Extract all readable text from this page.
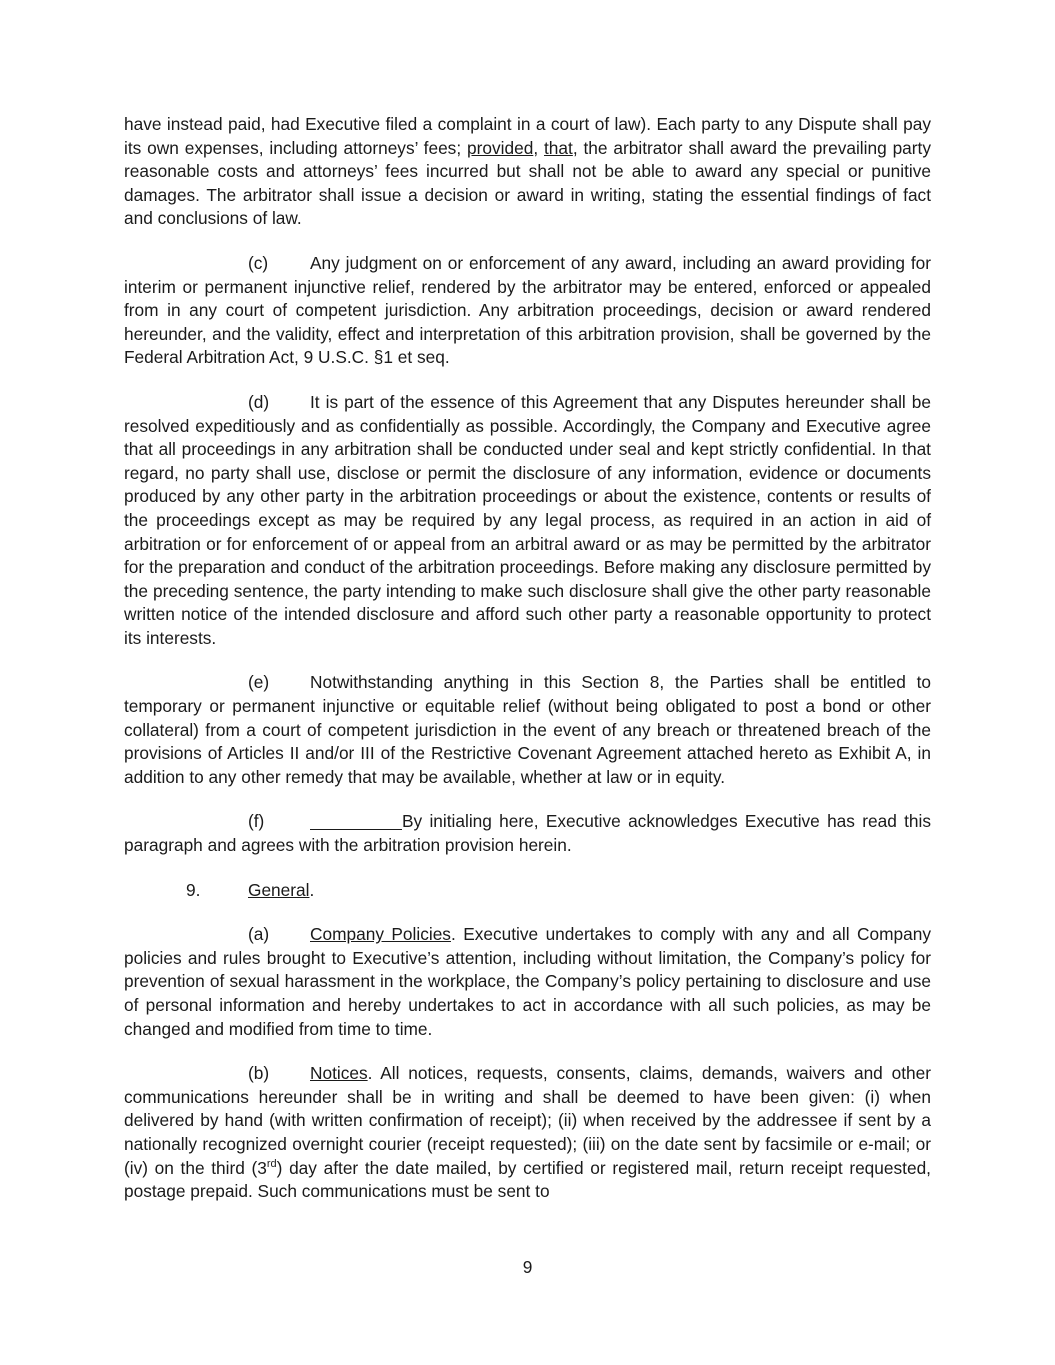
have instead paid, had Executive filed a complaint in a court of law). Each party to any Dispute shall pay its own expenses, including attorneys’ fees; provided, that, the arbitrator shall award the prevailing party reasonable costs and attorneys’ fees incurred but shall not be able to award any special or punitive damages. The arbitrator shall issue a decision or award in writing, stating the essential findings of fact and conclusions of law.

(c) Any judgment on or enforcement of any award, including an award providing for interim or permanent injunctive relief, rendered by the arbitrator may be entered, enforced or appealed from in any court of competent jurisdiction. Any arbitration proceedings, decision or award rendered hereunder, and the validity, effect and interpretation of this arbitration provision, shall be governed by the Federal Arbitration Act, 9 U.S.C. §1 et seq.

(d) It is part of the essence of this Agreement that any Disputes hereunder shall be resolved expeditiously and as confidentially as possible. Accordingly, the Company and Executive agree that all proceedings in any arbitration shall be conducted under seal and kept strictly confidential. In that regard, no party shall use, disclose or permit the disclosure of any information, evidence or documents produced by any other party in the arbitration proceedings or about the existence, contents or results of the proceedings except as may be required by any legal process, as required in an action in aid of arbitration or for enforcement of or appeal from an arbitral award or as may be permitted by the arbitrator for the preparation and conduct of the arbitration proceedings. Before making any disclosure permitted by the preceding sentence, the party intending to make such disclosure shall give the other party reasonable written notice of the intended disclosure and afford such other party a reasonable opportunity to protect its interests.

(e) Notwithstanding anything in this Section 8, the Parties shall be entitled to temporary or permanent injunctive or equitable relief (without being obligated to post a bond or other collateral) from a court of competent jurisdiction in the event of any breach or threatened breach of the provisions of Articles II and/or III of the Restrictive Covenant Agreement attached hereto as Exhibit A, in addition to any other remedy that may be available, whether at law or in equity.

(f)	By initialing here, Executive acknowledges Executive has read this paragraph and agrees with the arbitration provision herein.

9.	General.

(a) Company Policies. Executive undertakes to comply with any and all Company policies and rules brought to Executive’s attention, including without limitation, the Company’s policy for prevention of sexual harassment in the workplace, the Company’s policy pertaining to disclosure and use of personal information and hereby undertakes to act in accordance with all such policies, as may be changed and modified from time to time.

(b) Notices. All notices, requests, consents, claims, demands, waivers and other communications hereunder shall be in writing and shall be deemed to have been given: (i) when delivered by hand (with written confirmation of receipt); (ii) when received by the addressee if sent by a nationally recognized overnight courier (receipt requested); (iii) on the date sent by facsimile or e-mail; or (iv) on the third (3rd) day after the date mailed, by certified or registered mail, return receipt requested, postage prepaid. Such communications must be sent to

9
